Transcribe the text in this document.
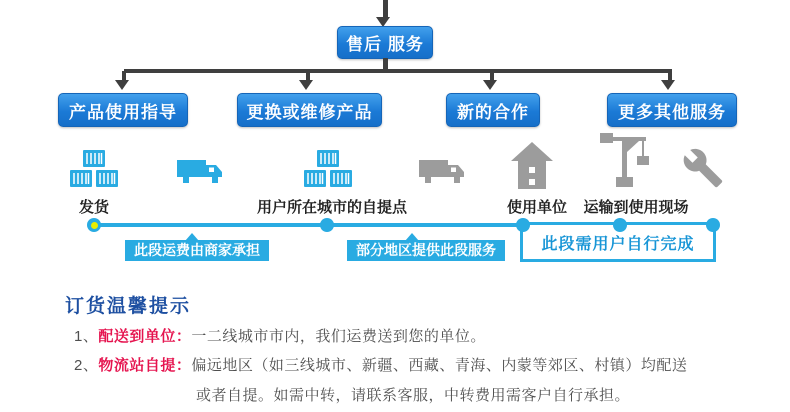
售后 服务
产品使用指导	更换或维修产品	新的合作	更多其他服务
发货	用户所在城市的自提点	使用单位 运输到使用现场
此段需用户自行完成
此段运费由商家承担	部分地区提供此段服务
订货温馨提示
1、配送到单位：一二线城市市内，我们运费送到您的单位。
2、物流站自提：偏远地区（如三线城市、新疆、西藏、青海、内蒙等郊区、村镇）均配送
或者自提。如需中转，请联系客服，中转费用需客户自行承担。
